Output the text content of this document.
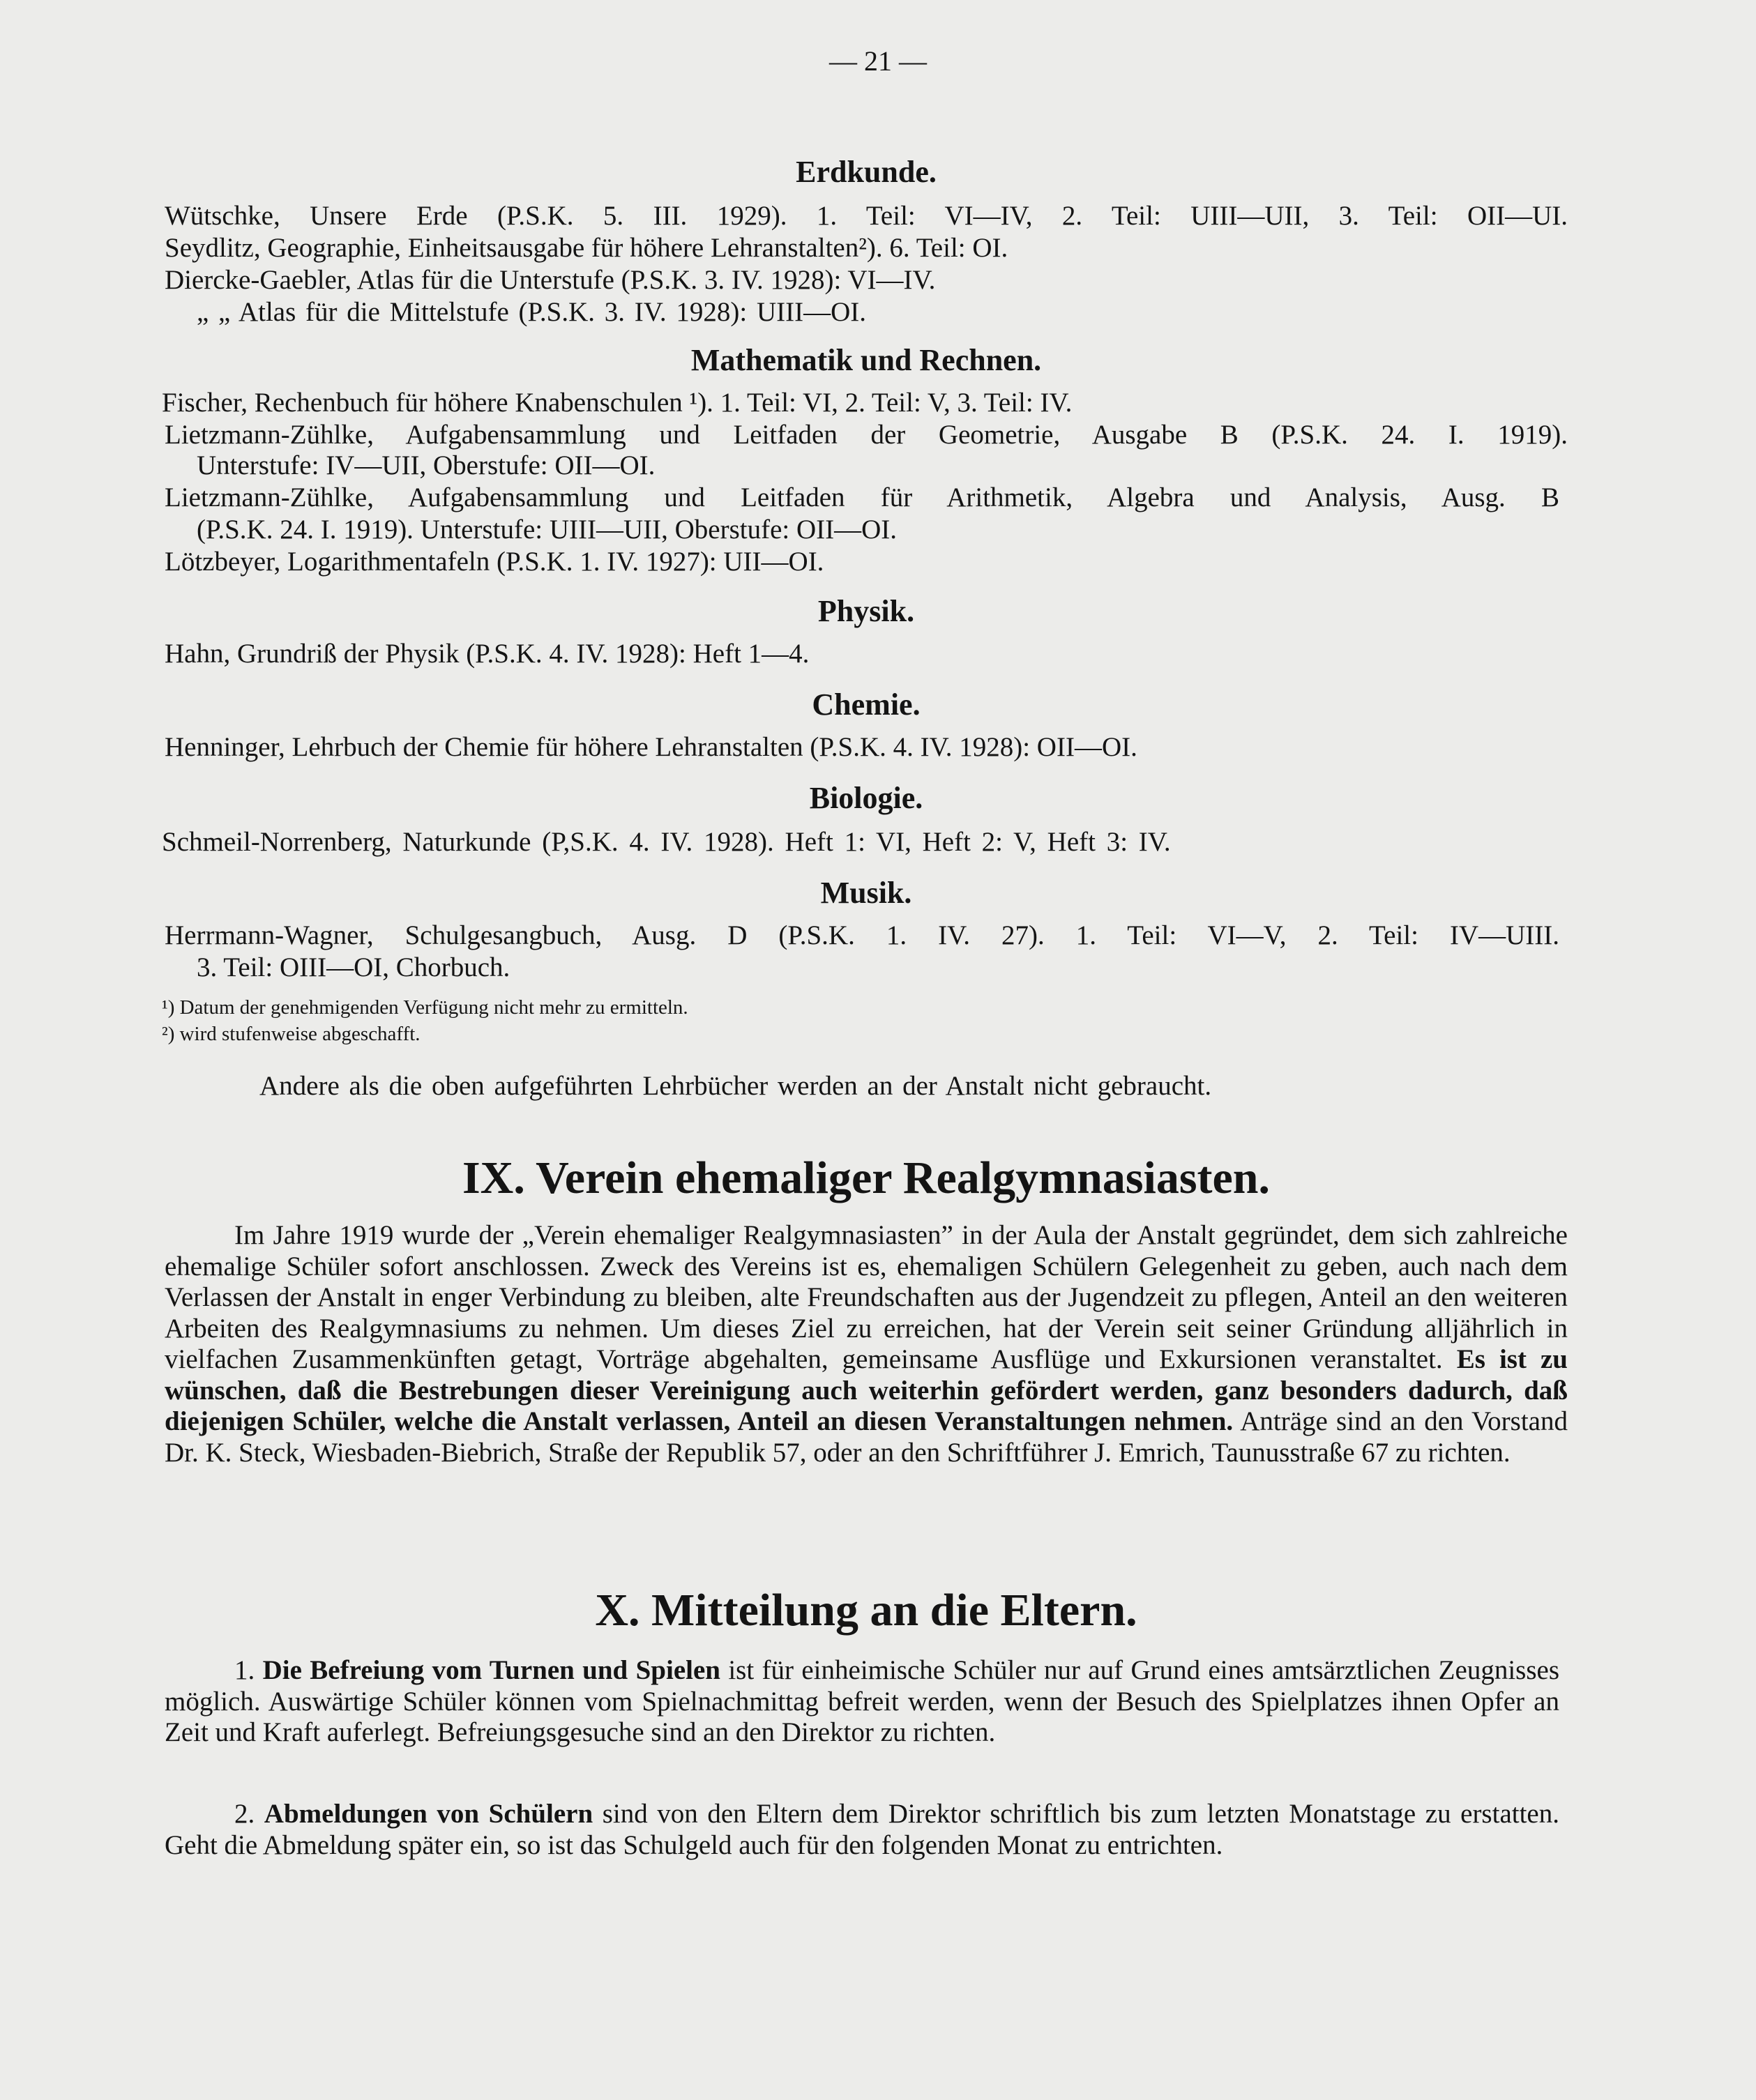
— 21 —
Erdkunde.
Wütschke, Unsere Erde (P.S.K. 5. III. 1929). 1. Teil: VI—IV, 2. Teil: UIII—UII, 3. Teil: OII—UI.
Seydlitz, Geographie, Einheitsausgabe für höhere Lehranstalten²). 6. Teil: OI.
Diercke-Gaebler, Atlas für die Unterstufe (P.S.K. 3. IV. 1928): VI—IV.
„ „ Atlas für die Mittelstufe (P.S.K. 3. IV. 1928): UIII—OI.
Mathematik und Rechnen.
Fischer, Rechenbuch für höhere Knabenschulen ¹). 1. Teil: VI, 2. Teil: V, 3. Teil: IV.
Lietzmann-Zühlke, Aufgabensammlung und Leitfaden der Geometrie, Ausgabe B (P.S.K. 24. I. 1919).
Unterstufe: IV—UII, Oberstufe: OII—OI.
Lietzmann-Zühlke, Aufgabensammlung und Leitfaden für Arithmetik, Algebra und Analysis, Ausg. B
(P.S.K. 24. I. 1919). Unterstufe: UIII—UII, Oberstufe: OII—OI.
Lötzbeyer, Logarithmentafeln (P.S.K. 1. IV. 1927): UII—OI.
Physik.
Hahn, Grundriß der Physik (P.S.K. 4. IV. 1928): Heft 1—4.
Chemie.
Henninger, Lehrbuch der Chemie für höhere Lehranstalten (P.S.K. 4. IV. 1928): OII—OI.
Biologie.
Schmeil-Norrenberg, Naturkunde (P,S.K. 4. IV. 1928). Heft 1: VI, Heft 2: V, Heft 3: IV.
Musik.
Herrmann-Wagner, Schulgesangbuch, Ausg. D (P.S.K. 1. IV. 27). 1. Teil: VI—V, 2. Teil: IV—UIII.
3. Teil: OIII—OI, Chorbuch.
¹) Datum der genehmigenden Verfügung nicht mehr zu ermitteln.
²) wird stufenweise abgeschafft.
Andere als die oben aufgeführten Lehrbücher werden an der Anstalt nicht gebraucht.
IX. Verein ehemaliger Realgymnasiasten.
Im Jahre 1919 wurde der „Verein ehemaliger Realgymnasiasten” in der Aula der Anstalt gegründet, dem sich zahlreiche ehemalige Schüler sofort anschlossen. Zweck des Vereins ist es, ehemaligen Schülern Gelegenheit zu geben, auch nach dem Verlassen der Anstalt in enger Verbindung zu bleiben, alte Freundschaften aus der Jugendzeit zu pflegen, Anteil an den weiteren Arbeiten des Realgymnasiums zu nehmen. Um dieses Ziel zu erreichen, hat der Verein seit seiner Gründung alljährlich in vielfachen Zusammenkünften getagt, Vorträge abgehalten, gemeinsame Ausflüge und Exkursionen veranstaltet. Es ist zu wünschen, daß die Bestrebungen dieser Vereinigung auch weiterhin gefördert werden, ganz besonders dadurch, daß diejenigen Schüler, welche die Anstalt verlassen, Anteil an diesen Veranstaltungen nehmen. Anträge sind an den Vorstand Dr. K. Steck, Wiesbaden-Biebrich, Straße der Republik 57, oder an den Schriftführer J. Emrich, Taunusstraße 67 zu richten.
X. Mitteilung an die Eltern.
1. Die Befreiung vom Turnen und Spielen ist für einheimische Schüler nur auf Grund eines amtsärztlichen Zeugnisses möglich. Auswärtige Schüler können vom Spielnachmittag befreit werden, wenn der Besuch des Spielplatzes ihnen Opfer an Zeit und Kraft auferlegt. Befreiungsgesuche sind an den Direktor zu richten.
2. Abmeldungen von Schülern sind von den Eltern dem Direktor schriftlich bis zum letzten Monatstage zu erstatten. Geht die Abmeldung später ein, so ist das Schulgeld auch für den folgenden Monat zu entrichten.
